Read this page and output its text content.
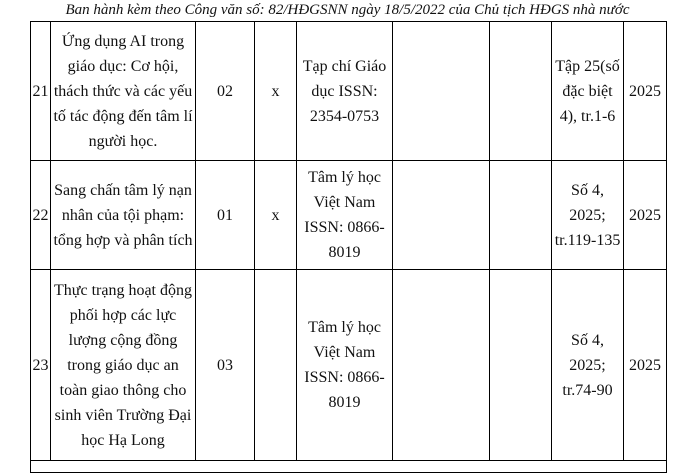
Ban hành kèm theo Công văn số: 82/HĐGSNN ngày 18/5/2022 của Chủ tịch HĐGS nhà nước
21	Ứng dụng AI trong giáo dục: Cơ hội, thách thức và các yếu tố tác động đến tâm lí người học.	02	x	Tạp chí Giáo dục ISSN: 2354-0753			Tập 25(số đặc biệt 4), tr.1-6	2025
22	Sang chấn tâm lý nạn nhân của tội phạm: tổng hợp và phân tích	01	x	Tâm lý học Việt Nam ISSN: 0866-8019			Số 4, 2025; tr.119-135	2025
23	Thực trạng hoạt động phối hợp các lực lượng cộng đồng trong giáo dục an toàn giao thông cho sinh viên Trường Đại học Hạ Long	03		Tâm lý học Việt Nam ISSN: 0866-8019			Số 4, 2025; tr.74-90	2025
